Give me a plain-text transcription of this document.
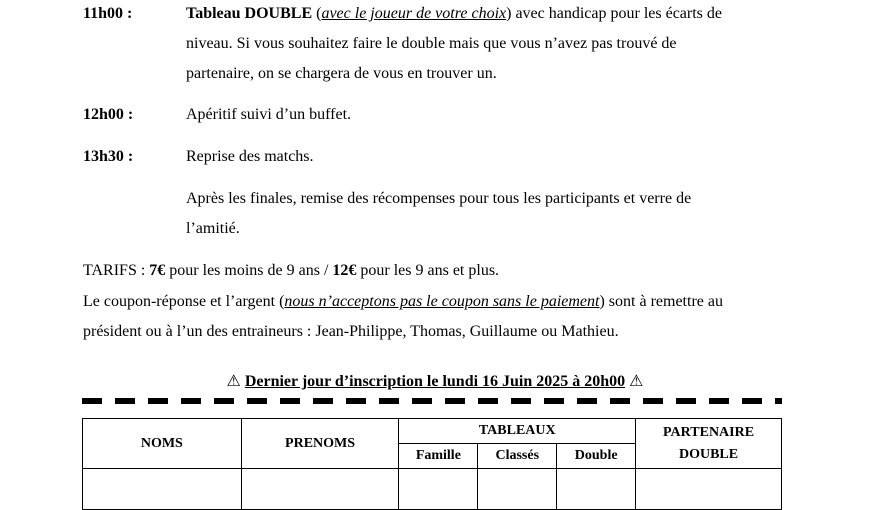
11h00 :	Tableau DOUBLE (avec le joueur de votre choix) avec handicap pour les écarts de
niveau. Si vous souhaitez faire le double mais que vous n’avez pas trouvé de
partenaire, on se chargera de vous en trouver un.
12h00 :	Apéritif suivi d’un buffet.
13h30 :	Reprise des matchs.
Après les finales, remise des récompenses pour tous les participants et verre de
l’amitié.
TARIFS : 7€ pour les moins de 9 ans / 12€ pour les 9 ans et plus.
Le coupon-réponse et l’argent (nous n’acceptons pas le coupon sans le paiement) sont à remettre au
président ou à l’un des entraineurs : Jean-Philippe, Thomas, Guillaume ou Mathieu.
⚠ Dernier jour d’inscription le lundi 16 Juin 2025 à 20h00 ⚠
NOMS	PRENOMS	TABLEAUX			PARTENAIRE
DOUBLE

		Famille	Classés	Double	
